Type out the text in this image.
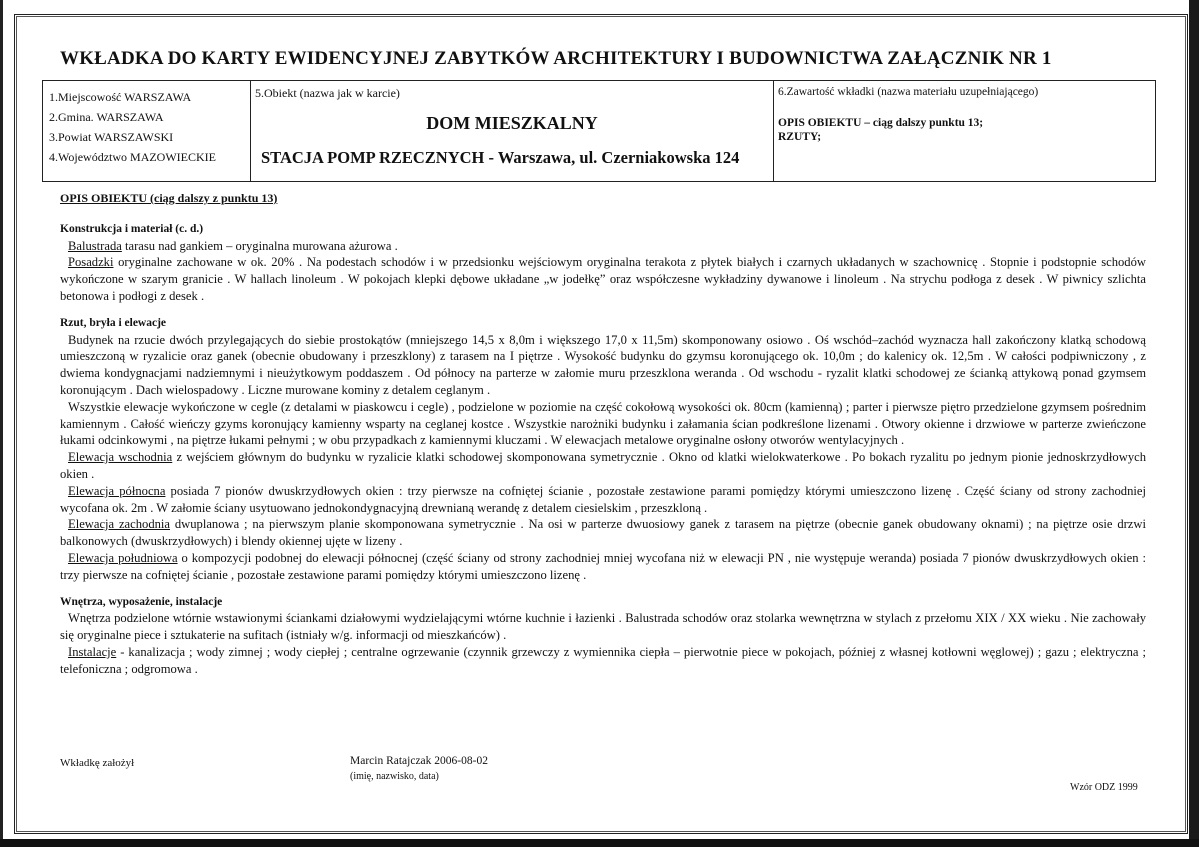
WKŁADKA DO KARTY EWIDENCYJNEJ ZABYTKÓW ARCHITEKTURY I BUDOWNICTWA ZAŁĄCZNIK NR 1
1.Miejscowość WARSZAWA
2.Gmina. WARSZAWA
3.Powiat WARSZAWSKI
4.Województwo MAZOWIECKIE
5.Obiekt (nazwa jak w karcie)
DOM MIESZKALNY
STACJA POMP RZECZNYCH - Warszawa, ul. Czerniakowska 124
6.Zawartość wkładki (nazwa materiału uzupełniającego)
OPIS OBIEKTU – ciąg dalszy punktu 13;
RZUTY;
OPIS OBIEKTU (ciąg dalszy z punktu 13)
Konstrukcja i materiał (c. d.)
Balustrada tarasu nad gankiem – oryginalna murowana ażurowa .
Posadzki oryginalne zachowane w ok. 20% . Na podestach schodów i w przedsionku wejściowym oryginalna terakota z płytek białych i czarnych układanych w szachownicę . Stopnie i podstopnie schodów wykończone w szarym granicie . W hallach linoleum . W pokojach klepki dębowe układane „w jodełkę” oraz współczesne wykładziny dywanowe i linoleum . Na strychu podłoga z desek . W piwnicy szlichta betonowa i podłogi z desek .
Rzut, bryła i elewacje
Budynek na rzucie dwóch przylegających do siebie prostokątów (mniejszego 14,5 x 8,0m i większego 17,0 x 11,5m) skomponowany osiowo . Oś wschód–zachód wyznacza hall zakończony klatką schodową umieszczoną w ryzalicie oraz ganek (obecnie obudowany i przeszklony) z tarasem na I piętrze . Wysokość budynku do gzymsu koronującego ok. 10,0m ; do kalenicy ok. 12,5m . W całości podpiwniczony , z dwiema kondygnacjami nadziemnymi i nieużytkowym poddaszem . Od północy na parterze w załomie muru przeszklona weranda . Od wschodu - ryzalit klatki schodowej ze ścianką attykową ponad gzymsem koronującym . Dach wielospadowy . Liczne murowane kominy z detalem ceglanym .
Wszystkie elewacje wykończone w cegle (z detalami w piaskowcu i cegle) , podzielone w poziomie na część cokołową wysokości ok. 80cm (kamienną) ; parter i pierwsze piętro przedzielone gzymsem pośrednim kamiennym . Całość wieńczy gzyms koronujący kamienny wsparty na ceglanej kostce . Wszystkie narożniki budynku i załamania ścian podkreślone lizenami . Otwory okienne i drzwiowe w parterze zwieńczone łukami odcinkowymi , na piętrze łukami pełnymi ; w obu przypadkach z kamiennymi kluczami . W elewacjach metalowe oryginalne osłony otworów wentylacyjnych .
Elewacja wschodnia z wejściem głównym do budynku w ryzalicie klatki schodowej skomponowana symetrycznie . Okno od klatki wielokwaterkowe . Po bokach ryzalitu po jednym pionie jednoskrzydłowych okien .
Elewacja północna posiada 7 pionów dwuskrzydłowych okien : trzy pierwsze na cofniętej ścianie , pozostałe zestawione parami pomiędzy którymi umieszczono lizenę . Część ściany od strony zachodniej wycofana ok. 2m . W załomie ściany usytuowano jednokondygnacyjną drewnianą werandę z detalem ciesielskim , przeszkloną .
Elewacja zachodnia dwuplanowa ; na pierwszym planie skomponowana symetrycznie . Na osi w parterze dwuosiowy ganek z tarasem na piętrze (obecnie ganek obudowany oknami) ; na piętrze osie drzwi balkonowych (dwuskrzydłowych) i blendy okiennej ujęte w lizeny .
Elewacja południowa o kompozycji podobnej do elewacji północnej (część ściany od strony zachodniej mniej wycofana niż w elewacji PN , nie występuje weranda) posiada 7 pionów dwuskrzydłowych okien : trzy pierwsze na cofniętej ścianie , pozostałe zestawione parami pomiędzy którymi umieszczono lizenę .
Wnętrza, wyposażenie, instalacje
Wnętrza podzielone wtórnie wstawionymi ściankami działowymi wydzielającymi wtórne kuchnie i łazienki . Balustrada schodów oraz stolarka wewnętrzna w stylach z przełomu XIX / XX wieku . Nie zachowały się oryginalne piece i sztukaterie na sufitach (istniały w/g. informacji od mieszkańców) .
Instalacje - kanalizacja ; wody zimnej ; wody ciepłej ; centralne ogrzewanie (czynnik grzewczy z wymiennika ciepła – pierwotnie piece w pokojach, później z własnej kotłowni węglowej) ; gazu ; elektryczna ; telefoniczna ; odgromowa .
Wkładkę założył	Marcin Ratajczak 2006-08-02
(imię, nazwisko, data)
Wzór ODZ 1999
